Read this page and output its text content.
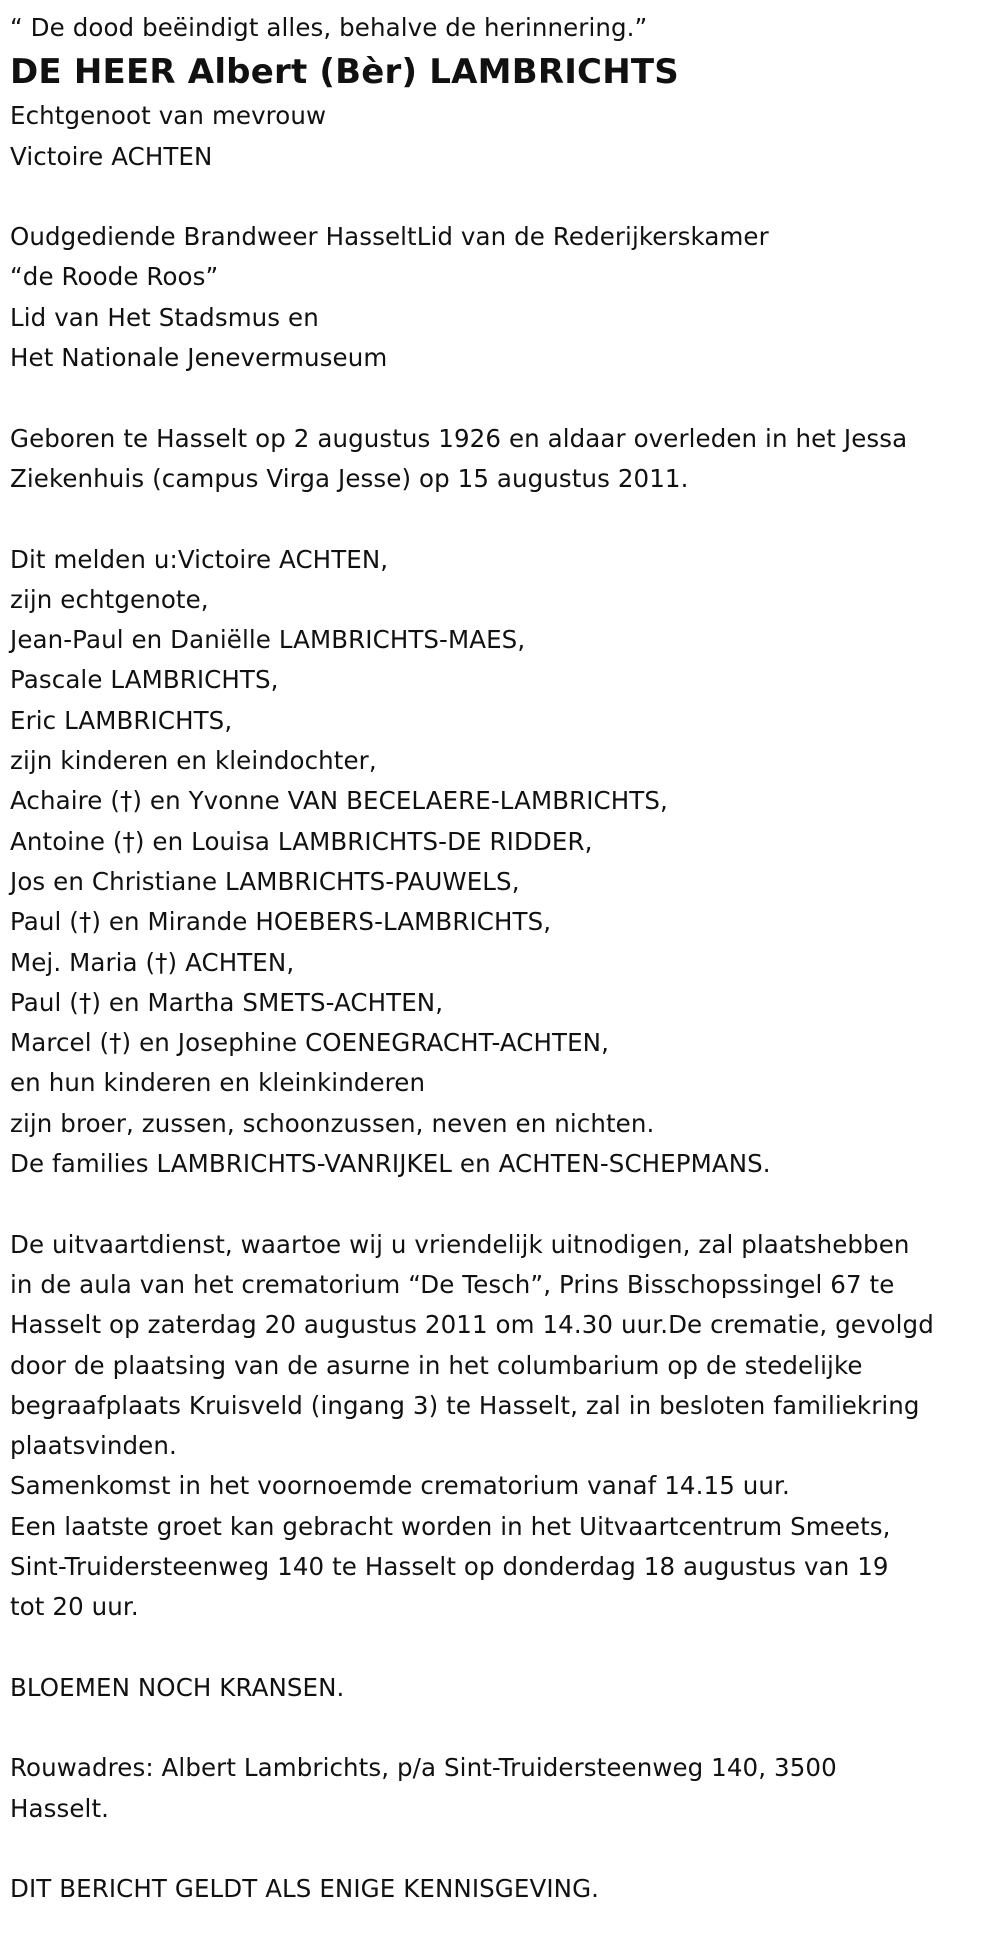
“ De dood beëindigt alles, behalve de herinnering.”

DE HEER Albert (Bèr) LAMBRICHTS

Echtgenoot van mevrouw

Victoire ACHTEN

Oudgediende Brandweer HasseltLid van de Rederijkerskamer

“de Roode Roos”

Lid van Het Stadsmus en

Het Nationale Jenevermuseum

Geboren te Hasselt op 2 augustus 1926 en aldaar overleden in het Jessa

Ziekenhuis (campus Virga Jesse) op 15 augustus 2011.

Dit melden u:Victoire ACHTEN,

zijn echtgenote,

Jean-Paul en Daniëlle LAMBRICHTS-MAES,

Pascale LAMBRICHTS,

Eric LAMBRICHTS,

zijn kinderen en kleindochter,

Achaire (†) en Yvonne VAN BECELAERE-LAMBRICHTS,

Antoine (†) en Louisa LAMBRICHTS-DE RIDDER,

Jos en Christiane LAMBRICHTS-PAUWELS,

Paul (†) en Mirande HOEBERS-LAMBRICHTS,

Mej. Maria (†) ACHTEN,

Paul (†) en Martha SMETS-ACHTEN,

Marcel (†) en Josephine COENEGRACHT-ACHTEN,

en hun kinderen en kleinkinderen

zijn broer, zussen, schoonzussen, neven en nichten.

De families LAMBRICHTS-VANRIJKEL en ACHTEN-SCHEPMANS.

De uitvaartdienst, waartoe wij u vriendelijk uitnodigen, zal plaatshebben

in de aula van het crematorium “De Tesch”, Prins Bisschopssingel 67 te

Hasselt op zaterdag 20 augustus 2011 om 14.30 uur.De crematie, gevolgd

door de plaatsing van de asurne in het columbarium op de stedelijke

begraafplaats Kruisveld (ingang 3) te Hasselt, zal in besloten familiekring

plaatsvinden.

Samenkomst in het voornoemde crematorium vanaf 14.15 uur.

Een laatste groet kan gebracht worden in het Uitvaartcentrum Smeets,

Sint-Truidersteenweg 140 te Hasselt op donderdag 18 augustus van 19

tot 20 uur.

BLOEMEN NOCH KRANSEN.

Rouwadres: Albert Lambrichts, p/a Sint-Truidersteenweg 140, 3500

Hasselt.

DIT BERICHT GELDT ALS ENIGE KENNISGEVING.
